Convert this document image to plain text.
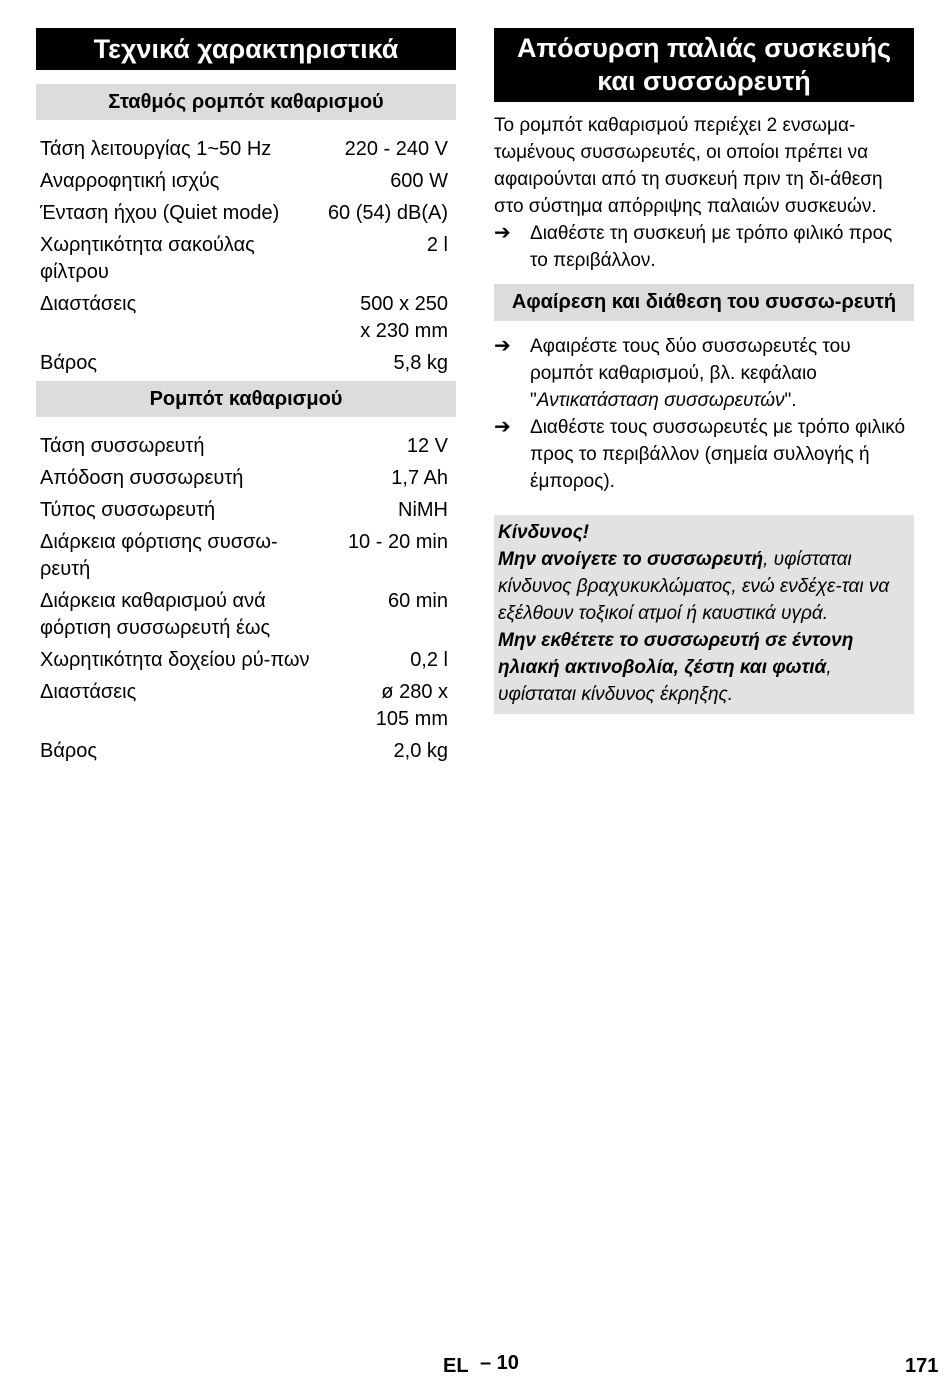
Τεχνικά χαρακτηριστικά
Σταθμός ρομπότ καθαρισμού
Τάση λειτουργίας 1~50 Hz	220 - 240 V
Αναρροφητική ισχύς	600 W
Ένταση ήχου (Quiet mode)	60 (54) dB(A)
Χωρητικότητα σακούλας φίλτρου	2 l
Διαστάσεις	500 x 250 x 230 mm
Βάρος	5,8 kg
Ρομπότ καθαρισμού
Τάση συσσωρευτή	12 V
Απόδοση συσσωρευτή	1,7 Ah
Τύπος συσσωρευτή	NiMH
Διάρκεια φόρτισης συσσω-ρευτή	10 - 20 min
Διάρκεια καθαρισμού ανά φόρτιση συσσωρευτή έως	60 min
Χωρητικότητα δοχείου ρύ-πων	0,2 l
Διαστάσεις	ø 280 x 105 mm
Βάρος	2,0 kg
Απόσυρση παλιάς συσκευής
και συσσωρευτή

Το ρομπότ καθαρισμού περιέχει 2 ενσωμα-τωμένους συσσωρευτές, οι οποίοι πρέπει να αφαιρούνται από τη συσκευή πριν τη δι-άθεση στο σύστημα απόρριψης παλαιών συσκευών.

➔	Διαθέστε τη συσκευή με τρόπο φιλικό προς το περιβάλλον.
Αφαίρεση και διάθεση του συσσω-ρευτή
➔	Αφαιρέστε τους δύο συσσωρευτές του ρομπότ καθαρισμού, βλ. κεφάλαιο "Αντικατάσταση συσσωρευτών".
➔	Διαθέστε τους συσσωρευτές με τρόπο φιλικό προς το περιβάλλον (σημεία συλλογής ή έμπορος).
Κίνδυνος!
Μην ανοίγετε το συσσωρευτή, υφίσταται κίνδυνος βραχυκυκλώματος, ενώ ενδέχε-ται να εξέλθουν τοξικοί ατμοί ή καυστικά υγρά.
Μην εκθέτετε το συσσωρευτή σε έντονη ηλιακή ακτινοβολία, ζέστη και φωτιά, υφίσταται κίνδυνος έκρηξης.
EL – 10	171
